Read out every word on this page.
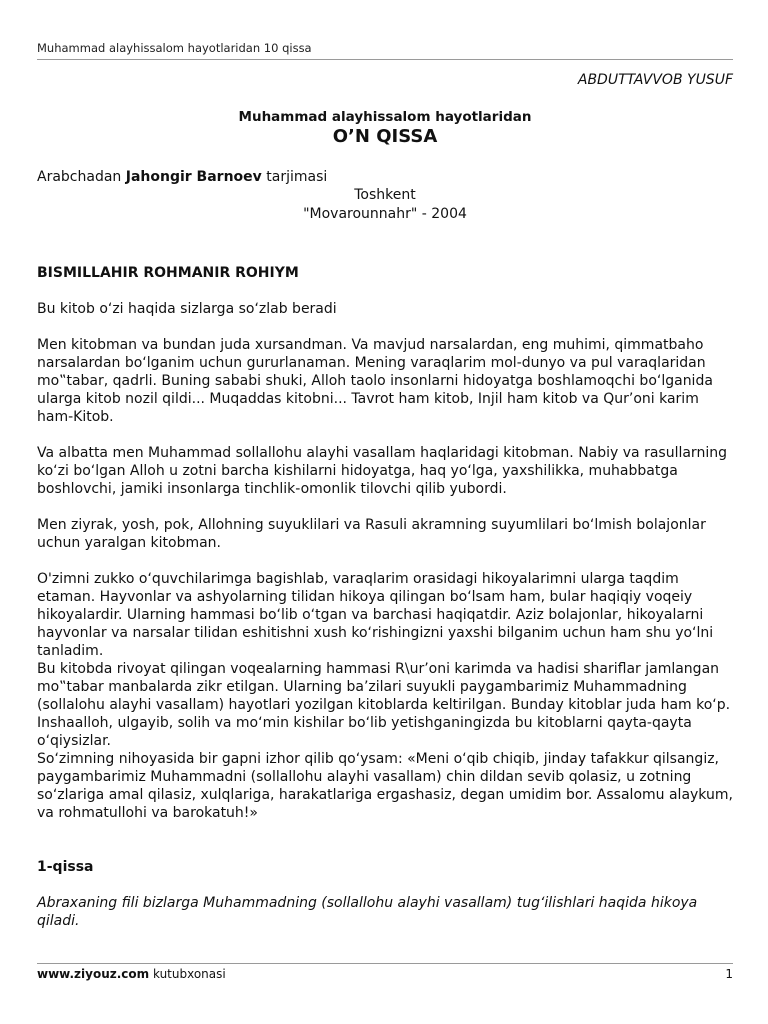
Muhammad alayhissalom hayotlaridan 10 qissa
ABDUTTAVVOB YUSUF
Muhammad alayhissalom hayotlaridan
O’N QISSA
Arabchadan Jahongir Barnoev tarjimasi
Toshkent
"Movarounnahr" - 2004

BISMILLAHIR ROHMANIR ROHIYM

Bu kitob o‘zi haqida sizlarga so‘zlab beradi

Men kitobman va bundan juda xursandman. Va mavjud narsalardan, eng muhimi, qimmatbaho narsalardan bo‘lganim uchun gururlanaman. Mening varaqlarim mol-dunyo va pul varaqlaridan mo‟tabar, qadrli. Buning sababi shuki, Alloh taolo insonlarni hidoyatga boshlamoqchi bo‘lganida ularga kitob nozil qildi... Muqaddas kitobni... Tavrot ham kitob, Injil ham kitob va Qur’oni karim ham-Kitob.

Va albatta men Muhammad sollallohu alayhi vasallam haqlaridagi kitobman. Nabiy va rasullarning ko‘zi bo‘lgan Alloh u zotni barcha kishilarni hidoyatga, haq yo‘lga, yaxshilikka, muhabbatga boshlovchi, jamiki insonlarga tinchlik-omonlik tilovchi qilib yubordi.

Men ziyrak, yosh, pok, Allohning suyuklilari va Rasuli akramning suyumlilari bo‘lmish bolajonlar uchun yaralgan kitobman.

O'zimni zukko o‘quvchilarimga bagishlab, varaqlarim orasidagi hikoyalarimni ularga taqdim etaman. Hayvonlar va ashyolarning tilidan hikoya qilingan bo‘lsam ham, bular haqiqiy voqeiy hikoyalardir. Ularning hammasi bo‘lib o‘tgan va barchasi haqiqatdir. Aziz bolajonlar, hikoyalarni hayvonlar va narsalar tilidan eshitishni xush ko‘rishingizni yaxshi bilganim uchun ham shu yo‘lni tanladim.

Bu kitobda rivoyat qilingan voqealarning hammasi R\ur’oni karimda va hadisi shariflar jamlangan mo‟tabar manbalarda zikr etilgan. Ularning ba’zilari suyukli paygambarimiz Muhammadning (sollalohu alayhi vasallam) hayotlari yozilgan kitoblarda keltirilgan. Bunday kitoblar juda ham ko‘p. Inshaalloh, ulgayib, solih va mo‘min kishilar bo‘lib yetishganingizda bu kitoblarni qayta-qayta o‘qiysizlar.

So‘zimning nihoyasida bir gapni izhor qilib qo‘ysam: «Meni o‘qib chiqib, jinday tafakkur qilsangiz, paygambarimiz Muhammadni (sollallohu alayhi vasallam) chin dildan sevib qolasiz, u zotning so‘zlariga amal qilasiz, xulqlariga, harakatlariga ergashasiz, degan umidim bor. Assalomu alaykum, va rohmatullohi va barokatuh!»

1-qissa

Abraxaning fili bizlarga Muhammadning (sollallohu alayhi vasallam) tug‘ilishlari haqida hikoya qiladi.

www.ziyouz.com kutubxonasi	1
